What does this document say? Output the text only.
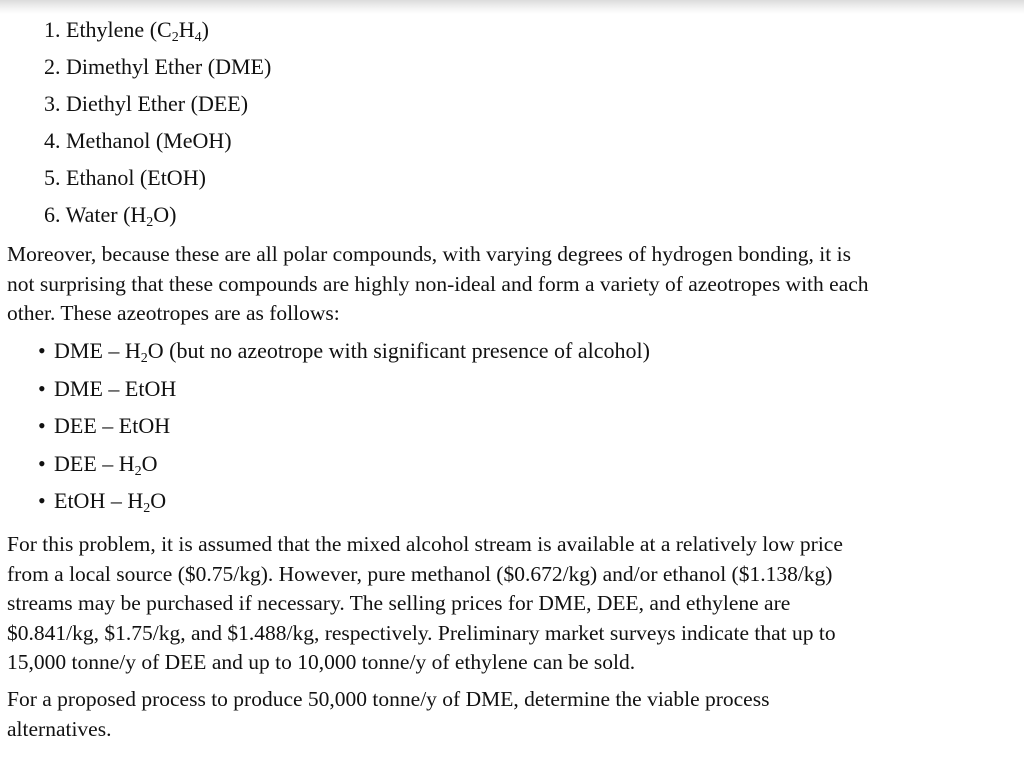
1. Ethylene $(C_2H_4)$
2. Dimethyl Ether (DME)
3. Diethyl Ether (DEE)
4. Methanol (MeOH)
5. Ethanol (EtOH)
6. Water $(H_2O)$

Moreover, because these are all polar compounds, with varying degrees of hydrogen bonding, it is
not surprising that these compounds are highly non-ideal and form a variety of azeotropes with each
other. These azeotropes are as follows:

• DME – $H_2O$ (but no azeotrope with significant presence of alcohol)
• DME – EtOH
• DEE – EtOH
• DEE – $H_2O$
• EtOH – $H_2O$

For this problem, it is assumed that the mixed alcohol stream is available at a relatively low price
from a local source ($0.75/kg). However, pure methanol ($0.672/kg) and/or ethanol ($1.138/kg)
streams may be purchased if necessary. The selling prices for DME, DEE, and ethylene are
$0.841/kg, $1.75/kg, and $1.488/kg, respectively. Preliminary market surveys indicate that up to
15,000 tonne/y of DEE and up to 10,000 tonne/y of ethylene can be sold.

For a proposed process to produce 50,000 tonne/y of DME, determine the viable process
alternatives.
